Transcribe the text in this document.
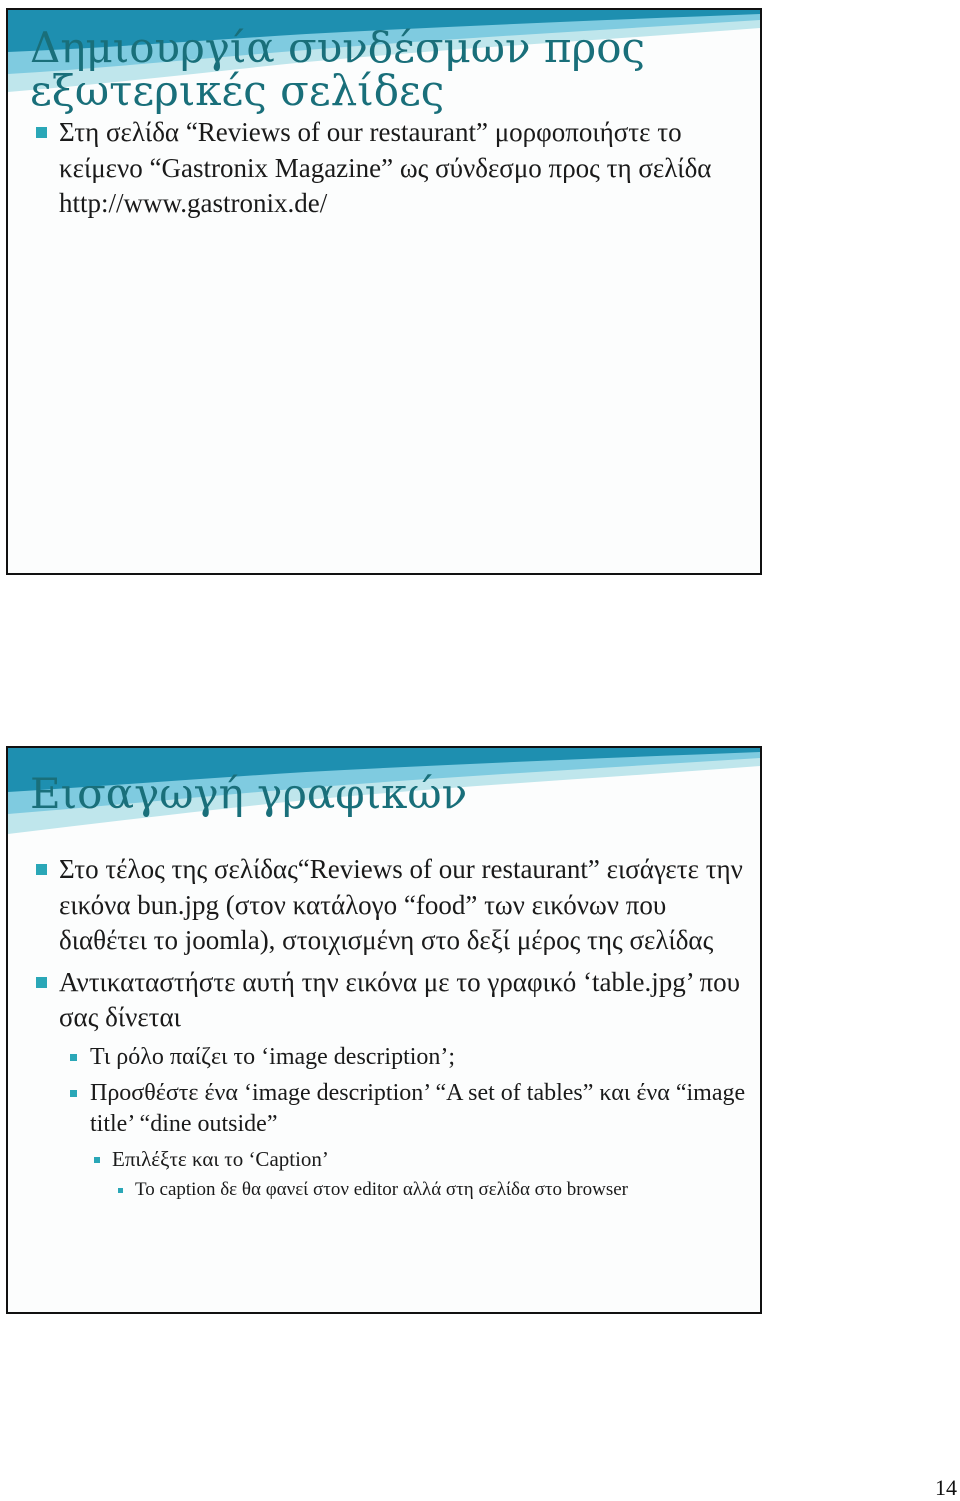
Δημιουργία συνδέσμων προς
εξωτερικές σελίδες
Στη σελίδα “Reviews of our restaurant” μορφοποιήστε το κείμενο “Gastronix Magazine” ως σύνδεσμο προς τη σελίδα http://www.gastronix.de/
Εισαγωγή γραφικών
Στο τέλος της σελίδας“Reviews of our restaurant” εισάγετε την εικόνα bun.jpg (στον κατάλογο “food” των εικόνων που διαθέτει το joomla), στοιχισμένη στο δεξί μέρος της σελίδας
Αντικαταστήστε αυτή την εικόνα με το γραφικό ‘table.jpg’ που σας δίνεται
Τι ρόλο παίζει το ‘image description’;
Προσθέστε ένα ‘image description’ “A set of tables” και ένα “image title’ “dine outside”
Επιλέξτε και το ‘Caption’
To caption δε θα φανεί στον editor αλλά στη σελίδα στο browser
14
